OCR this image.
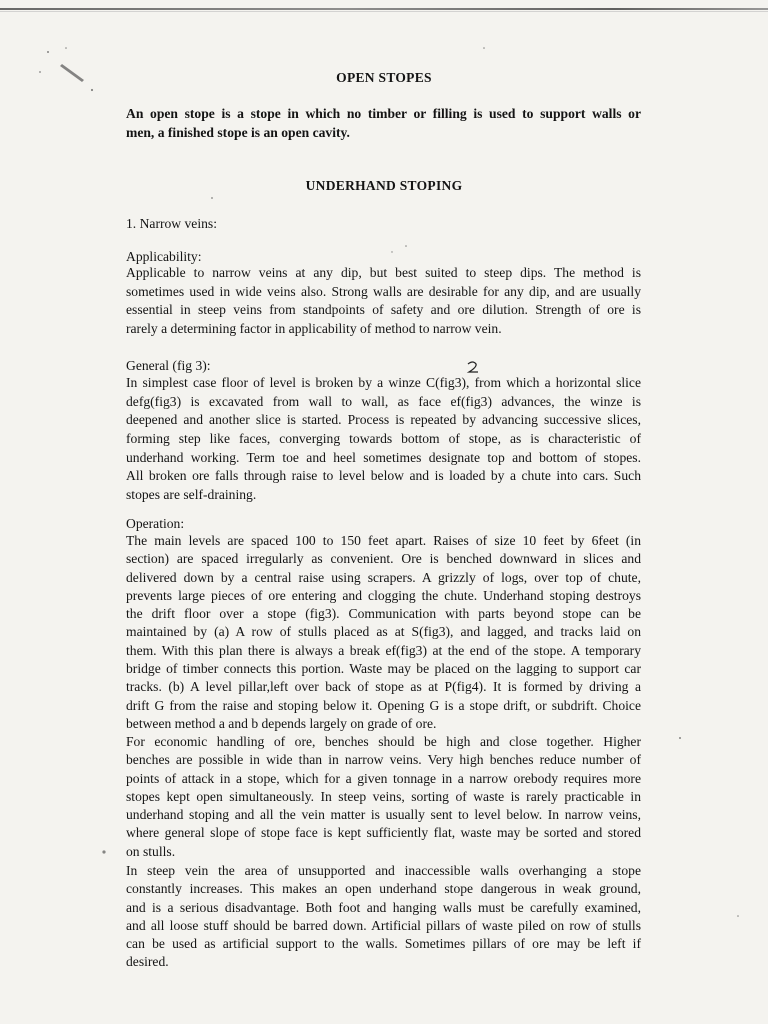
OPEN STOPES
An open stope is a stope in which no timber or filling is used to support walls or
men, a finished stope is an open cavity.
UNDERHAND STOPING
1. Narrow veins:
Applicability:
Applicable to narrow veins at any dip, but best suited to steep dips. The method is
sometimes used in wide veins also. Strong walls are desirable for any dip, and are usually
essential in steep veins from standpoints of safety and ore dilution. Strength of ore is
rarely a determining factor in applicability of method to narrow vein.
General (fig 3):
In simplest case floor of level is broken by a winze C(fig3), from which a horizontal slice
defg(fig3) is excavated from wall to wall, as face ef(fig3) advances, the winze is
deepened and another slice is started. Process is repeated by advancing successive slices,
forming step like faces, converging towards bottom of stope, as is characteristic of
underhand working. Term toe and heel sometimes designate top and bottom of stopes.
All broken ore falls through raise to level below and is loaded by a chute into cars. Such
stopes are self-draining.
Operation:
The main levels are spaced 100 to 150 feet apart. Raises of size 10 feet by 6feet (in
section) are spaced irregularly as convenient. Ore is benched downward in slices and
delivered down by a central raise using scrapers. A grizzly of logs, over top of chute,
prevents large pieces of ore entering and clogging the chute. Underhand stoping destroys
the drift floor over a stope (fig3). Communication with parts beyond stope can be
maintained by (a) A row of stulls placed as at S(fig3), and lagged, and tracks laid on
them. With this plan there is always a break ef(fig3) at the end of the stope. A temporary
bridge of timber connects this portion. Waste may be placed on the lagging to support car
tracks. (b) A level pillar,left over back of stope as at P(fig4). It is formed by driving a
drift G from the raise and stoping below it. Opening G is a stope drift, or subdrift. Choice
between method a and b depends largely on grade of ore.
For economic handling of ore, benches should be high and close together. Higher
benches are possible in wide than in narrow veins. Very high benches reduce number of
points of attack in a stope, which for a given tonnage in a narrow orebody requires more
stopes kept open simultaneously. In steep veins, sorting of waste is rarely practicable in
underhand stoping and all the vein matter is usually sent to level below. In narrow veins,
where general slope of stope face is kept sufficiently flat, waste may be sorted and stored
on stulls.
In steep vein the area of unsupported and inaccessible walls overhanging a stope
constantly increases. This makes an open underhand stope dangerous in weak ground,
and is a serious disadvantage. Both foot and hanging walls must be carefully examined,
and all loose stuff should be barred down. Artificial pillars of waste piled on row of stulls
can be used as artificial support to the walls. Sometimes pillars of ore may be left if
desired.
